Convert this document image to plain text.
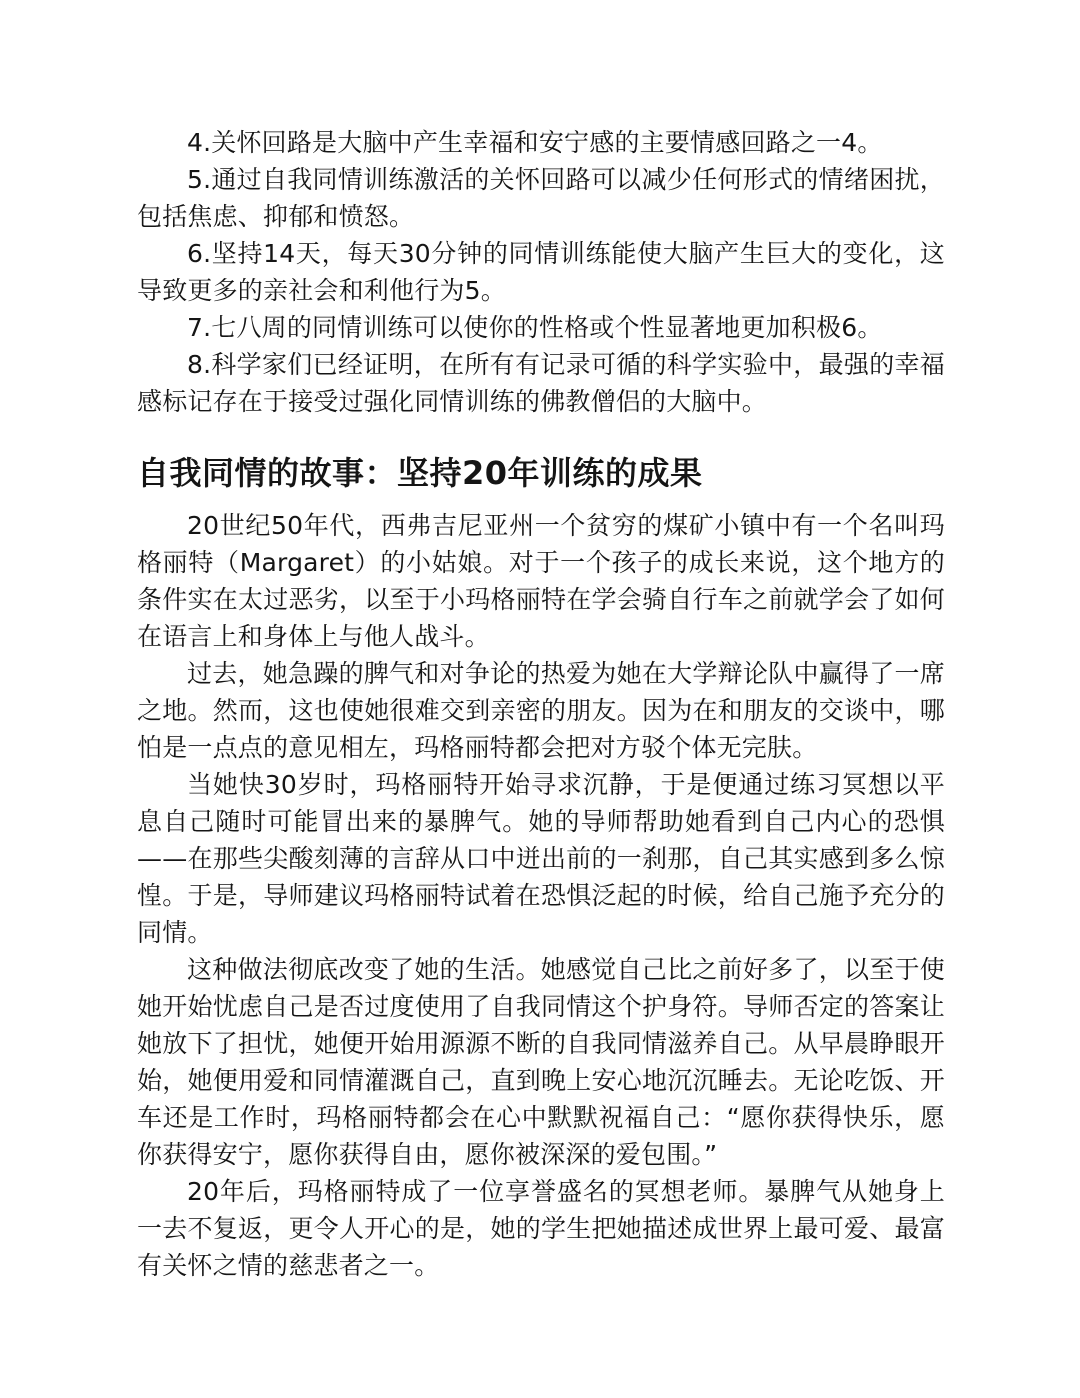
4.关怀回路是大脑中产生幸福和安宁感的主要情感回路之一4。

5.通过自我同情训练激活的关怀回路可以减少任何形式的情绪困扰，包括焦虑、抑郁和愤怒。

6.坚持14天，每天30分钟的同情训练能使大脑产生巨大的变化，这导致更多的亲社会和利他行为5。

7.七八周的同情训练可以使你的性格或个性显著地更加积极6。

8.科学家们已经证明，在所有有记录可循的科学实验中，最强的幸福感标记存在于接受过强化同情训练的佛教僧侣的大脑中。

自我同情的故事：坚持20年训练的成果

20世纪50年代，西弗吉尼亚州一个贫穷的煤矿小镇中有一个名叫玛格丽特（Margaret）的小姑娘。对于一个孩子的成长来说，这个地方的条件实在太过恶劣，以至于小玛格丽特在学会骑自行车之前就学会了如何在语言上和身体上与他人战斗。

过去，她急躁的脾气和对争论的热爱为她在大学辩论队中赢得了一席之地。然而，这也使她很难交到亲密的朋友。因为在和朋友的交谈中，哪怕是一点点的意见相左，玛格丽特都会把对方驳个体无完肤。

当她快30岁时，玛格丽特开始寻求沉静，于是便通过练习冥想以平息自己随时可能冒出来的暴脾气。她的导师帮助她看到自己内心的恐惧——在那些尖酸刻薄的言辞从口中迸出前的一刹那，自己其实感到多么惊惶。于是，导师建议玛格丽特试着在恐惧泛起的时候，给自己施予充分的同情。

这种做法彻底改变了她的生活。她感觉自己比之前好多了，以至于使她开始忧虑自己是否过度使用了自我同情这个护身符。导师否定的答案让她放下了担忧，她便开始用源源不断的自我同情滋养自己。从早晨睁眼开始，她便用爱和同情灌溉自己，直到晚上安心地沉沉睡去。无论吃饭、开车还是工作时，玛格丽特都会在心中默默祝福自己：“愿你获得快乐，愿你获得安宁，愿你获得自由，愿你被深深的爱包围。”

20年后，玛格丽特成了一位享誉盛名的冥想老师。暴脾气从她身上一去不复返，更令人开心的是，她的学生把她描述成世界上最可爱、最富有关怀之情的慈悲者之一。
